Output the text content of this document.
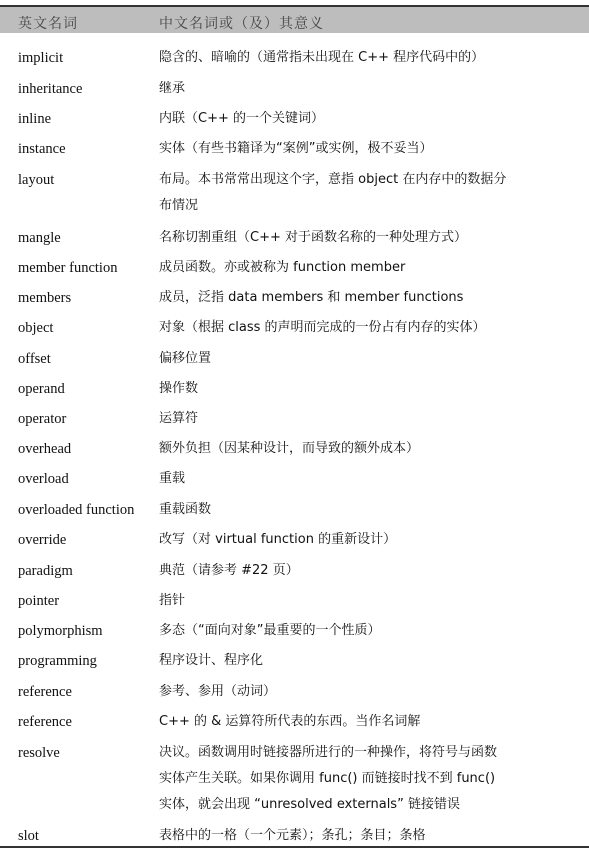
英文名词	中文名词或（及）其意义
implicit	隐含的、暗喻的（通常指未出现在 C++ 程序代码中的）
inheritance	继承
inline	内联（C++ 的一个关键词）
instance	实体（有些书籍译为“案例”或实例，极不妥当）
layout	布局。本书常常出现这个字，意指 object 在内存中的数据分
布情况
mangle	名称切割重组（C++ 对于函数名称的一种处理方式）
member function	成员函数。亦或被称为 function member
members	成员，泛指 data members 和 member functions
object	对象（根据 class 的声明而完成的一份占有内存的实体）
offset	偏移位置
operand	操作数
operator	运算符
overhead	额外负担（因某种设计，而导致的额外成本）
overload	重载
overloaded function 重载函数
override	改写（对 virtual function 的重新设计）
paradigm	典范（请参考 #22 页）
pointer	指针
polymorphism	多态（“面向对象”最重要的一个性质）
programming	程序设计、程序化
reference	参考、参用（动词）
reference	C++ 的 & 运算符所代表的东西。当作名词解
resolve	决议。函数调用时链接器所进行的一种操作，将符号与函数
实体产生关联。如果你调用 func() 而链接时找不到 func()
实体，就会出现 “unresolved externals” 链接错误
slot	表格中的一格（一个元素）；条孔；条目；条格
